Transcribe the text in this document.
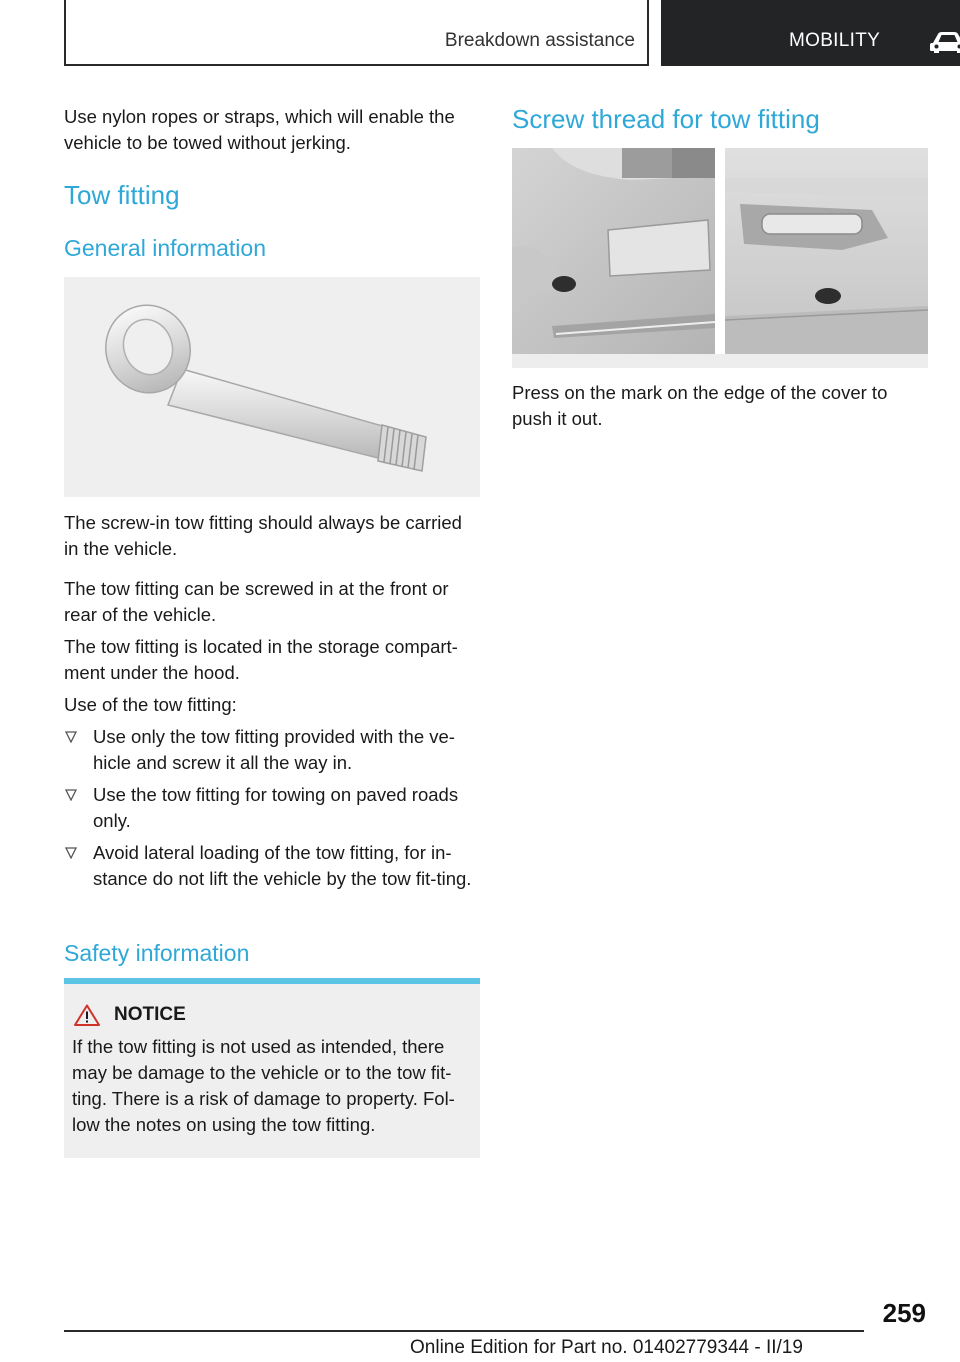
Breakdown assistance	MOBILITY

Use nylon ropes or straps, which will enable the vehicle to be towed without jerking.

Tow fitting
General information

The screw-in tow fitting should always be carried in the vehicle.

The tow fitting can be screwed in at the front or rear of the vehicle.

The tow fitting is located in the storage compart-ment under the hood.

Use of the tow fitting:

Use only the tow fitting provided with the ve-hicle and screw it all the way in.
Use the tow fitting for towing on paved roads only.
Avoid lateral loading of the tow fitting, for in-stance do not lift the vehicle by the tow fit-ting.
Safety information
NOTICE

If the tow fitting is not used as intended, there may be damage to the vehicle or to the tow fit-ting. There is a risk of damage to property. Fol-low the notes on using the tow fitting.

Screw thread for tow fitting

Press on the mark on the edge of the cover to push it out.

259
Online Edition for Part no. 01402779344 - II/19
